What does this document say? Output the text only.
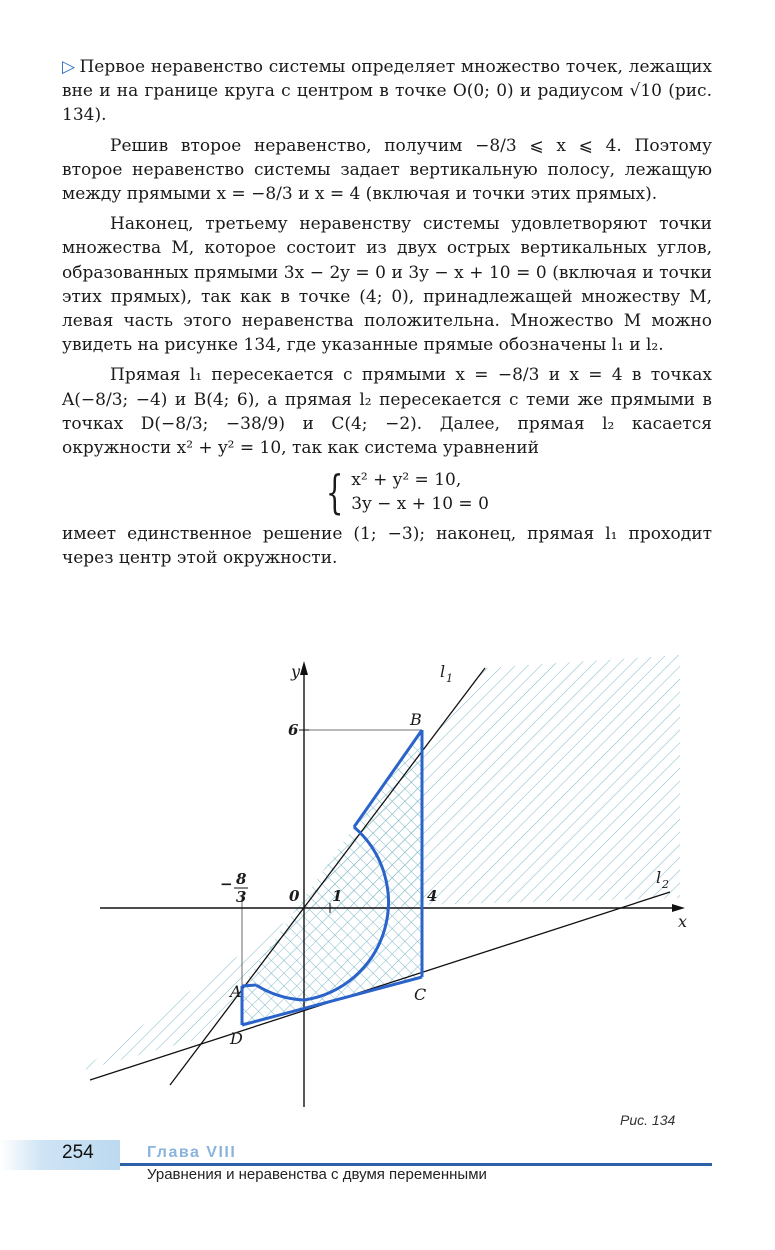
▷ Первое неравенство системы определяет множество точек, лежащих вне и на границе круга с центром в точке O(0; 0) и радиусом √10 (рис. 134).

Решив второе неравенство, получим −8/3 ⩽ x ⩽ 4. Поэтому второе неравенство системы задает вертикальную полосу, лежащую между прямыми x = −8/3 и x = 4 (включая и точки этих прямых).

Наконец, третьему неравенству системы удовлетворяют точки множества M, которое состоит из двух острых вертикальных углов, образованных прямыми 3x − 2y = 0 и 3y − x + 10 = 0 (включая и точки этих прямых), так как в точке (4; 0), принадлежащей множеству M, левая часть этого неравенства положительна. Множество M можно увидеть на рисунке 134, где указанные прямые обозначены l₁ и l₂.

Прямая l₁ пересекается с прямыми x = −8/3 и x = 4 в точках A(−8/3; −4) и B(4; 6), а прямая l₂ пересекается с теми же прямыми в точках D(−8/3; −38/9) и C(4; −2). Далее, прямая l₂ касается окружности x² + y² = 10, так как система уравнений

{ x² + y² = 10,
3y − x + 10 = 0

имеет единственное решение (1; −3); наконец, прямая l₁ проходит через центр этой окружности.

y
x
0 1	4
6
− 8
3
B
C
A
D
l 1
l 2
Рис. 134
254	Глава VIII
Уравнения и неравенства с двумя переменными
